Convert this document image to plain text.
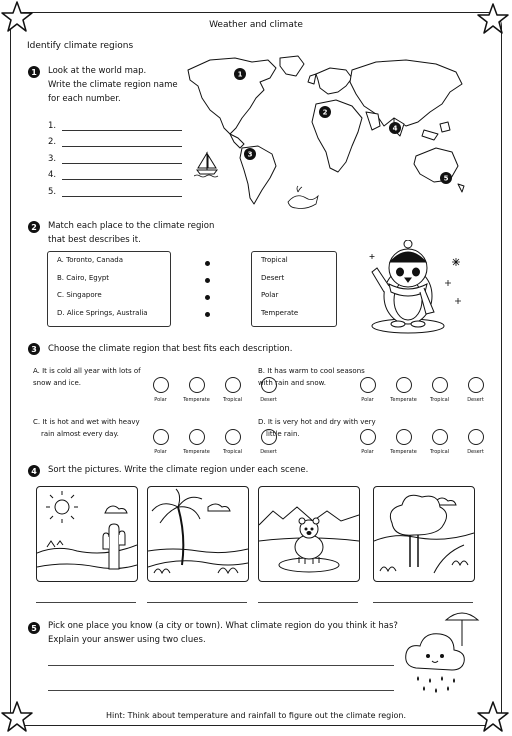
Weather and climate
Identify climate regions
1	Look at the world map.
Write the climate region name
for each number.
1.
2.
3.
4.
5.
1
2
3
4
5
2	Match each place to the climate region
that best describes it.
A. Toronto, Canada
B. Cairo, Egypt
C. Singapore
D. Alice Springs, Australia
Tropical
Desert
Polar
Temperate
3	Choose the climate region that best fits each description.
A. It is cold all year with lots of
snow and ice.
Polar	Temperate	Tropical	Desert
B. It has warm to cool seasons
with rain and snow.
Polar	Temperate	Tropical	Desert
C. It is hot and wet with heavy
rain almost every day.
Polar	Temperate	Tropical	Desert
D. It is very hot and dry with very
little rain.
Polar	Temperate	Tropical	Desert
4	Sort the pictures. Write the climate region under each scene.
5	Pick one place you know (a city or town). What climate region do you think it has?
Explain your answer using two clues.
Hint: Think about temperature and rainfall to figure out the climate region.
